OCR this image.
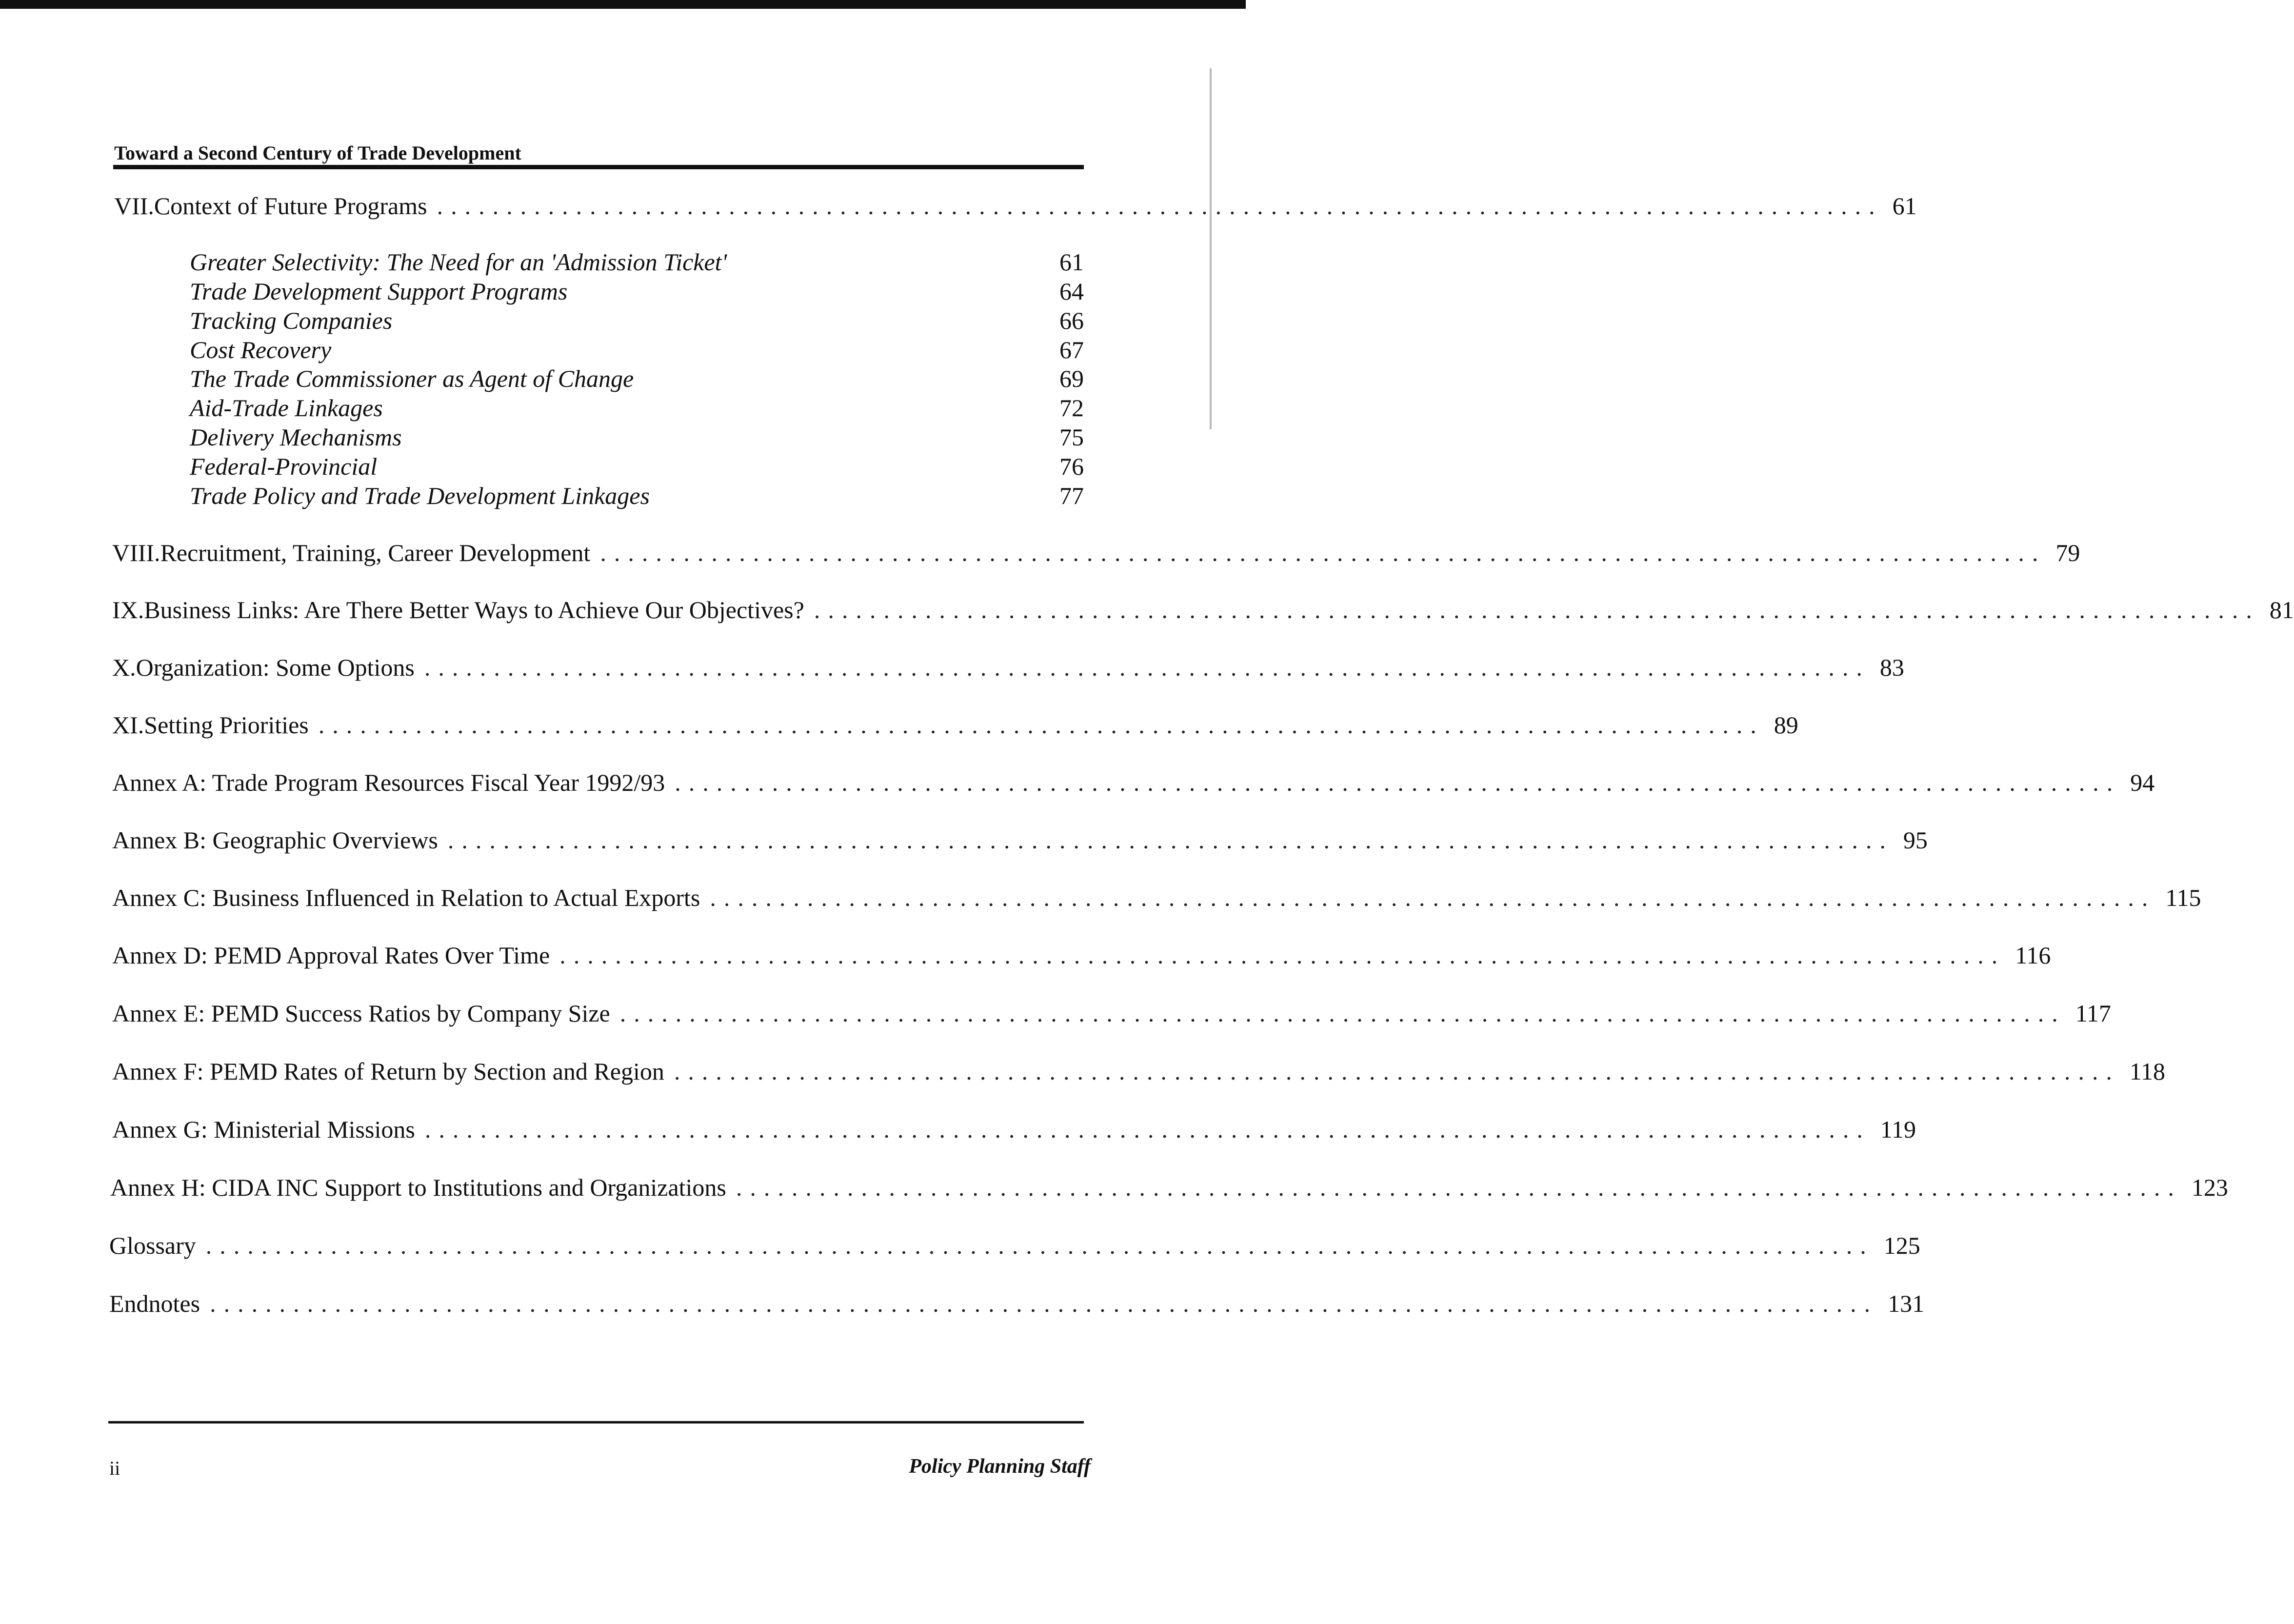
Toward a Second Century of Trade Development
VII. Context of Future Programs ........................................................................................................ 61
Greater Selectivity: The Need for an 'Admission Ticket'	61
Trade Development Support Programs	64
Tracking Companies	66
Cost Recovery	67
The Trade Commissioner as Agent of Change	69
Aid-Trade Linkages	72
Delivery Mechanisms	75
Federal-Provincial	76
Trade Policy and Trade Development Linkages	77
VIII. Recruitment, Training, Career Development ........................................................................................................ 79
IX. Business Links: Are There Better Ways to Achieve Our Objectives? ........................................................................................................ 81
X. Organization: Some Options ........................................................................................................ 83
XI. Setting Priorities ........................................................................................................ 89
Annex A: Trade Program Resources Fiscal Year 1992/93 ........................................................................................................ 94
Annex B: Geographic Overviews ........................................................................................................ 95
Annex C: Business Influenced in Relation to Actual Exports ........................................................................................................ 115
Annex D: PEMD Approval Rates Over Time ........................................................................................................ 116
Annex E: PEMD Success Ratios by Company Size ........................................................................................................ 117
Annex F: PEMD Rates of Return by Section and Region ........................................................................................................ 118
Annex G: Ministerial Missions ........................................................................................................ 119
Annex H: CIDA INC Support to Institutions and Organizations ........................................................................................................ 123
Glossary ........................................................................................................................ 125
Endnotes ........................................................................................................................ 131
ii	Policy Planning Staff
